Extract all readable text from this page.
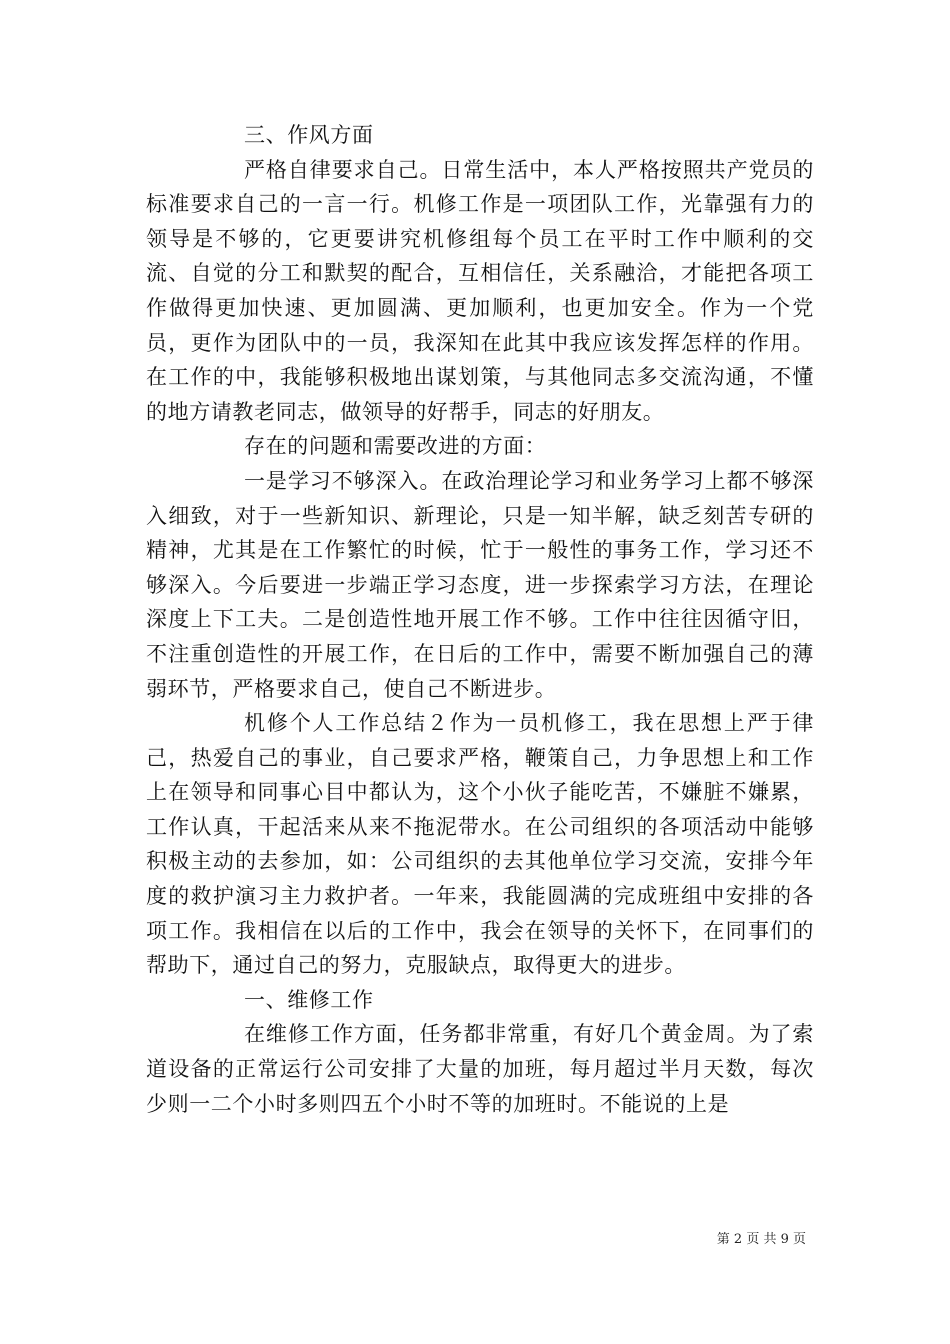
三、作风方面

严格自律要求自己。日常生活中，本人严格按照共产党员的标准要求自己的一言一行。机修工作是一项团队工作，光靠强有力的领导是不够的，它更要讲究机修组每个员工在平时工作中顺利的交流、自觉的分工和默契的配合，互相信任，关系融洽，才能把各项工作做得更加快速、更加圆满、更加顺利，也更加安全。作为一个党员，更作为团队中的一员，我深知在此其中我应该发挥怎样的作用。在工作的中，我能够积极地出谋划策，与其他同志多交流沟通，不懂的地方请教老同志，做领导的好帮手，同志的好朋友。

存在的问题和需要改进的方面：

一是学习不够深入。在政治理论学习和业务学习上都不够深入细致，对于一些新知识、新理论，只是一知半解，缺乏刻苦专研的精神，尤其是在工作繁忙的时候，忙于一般性的事务工作，学习还不够深入。今后要进一步端正学习态度，进一步探索学习方法，在理论深度上下工夫。二是创造性地开展工作不够。工作中往往因循守旧，不注重创造性的开展工作，在日后的工作中，需要不断加强自己的薄弱环节，严格要求自己，使自己不断进步。

机修个人工作总结２作为一员机修工，我在思想上严于律己，热爱自己的事业，自己要求严格，鞭策自己，力争思想上和工作上在领导和同事心目中都认为，这个小伙子能吃苦，不嫌脏不嫌累，工作认真，干起活来从来不拖泥带水。在公司组织的各项活动中能够积极主动的去参加，如：公司组织的去其他单位学习交流，安排今年度的救护演习主力救护者。一年来，我能圆满的完成班组中安排的各项工作。我相信在以后的工作中，我会在领导的关怀下，在同事们的帮助下，通过自己的努力，克服缺点，取得更大的进步。

一、维修工作

在维修工作方面，任务都非常重，有好几个黄金周。为了索道设备的正常运行公司安排了大量的加班，每月超过半月天数，每次少则一二个小时多则四五个小时不等的加班时。不能说的上是

第 2 页 共 9 页
